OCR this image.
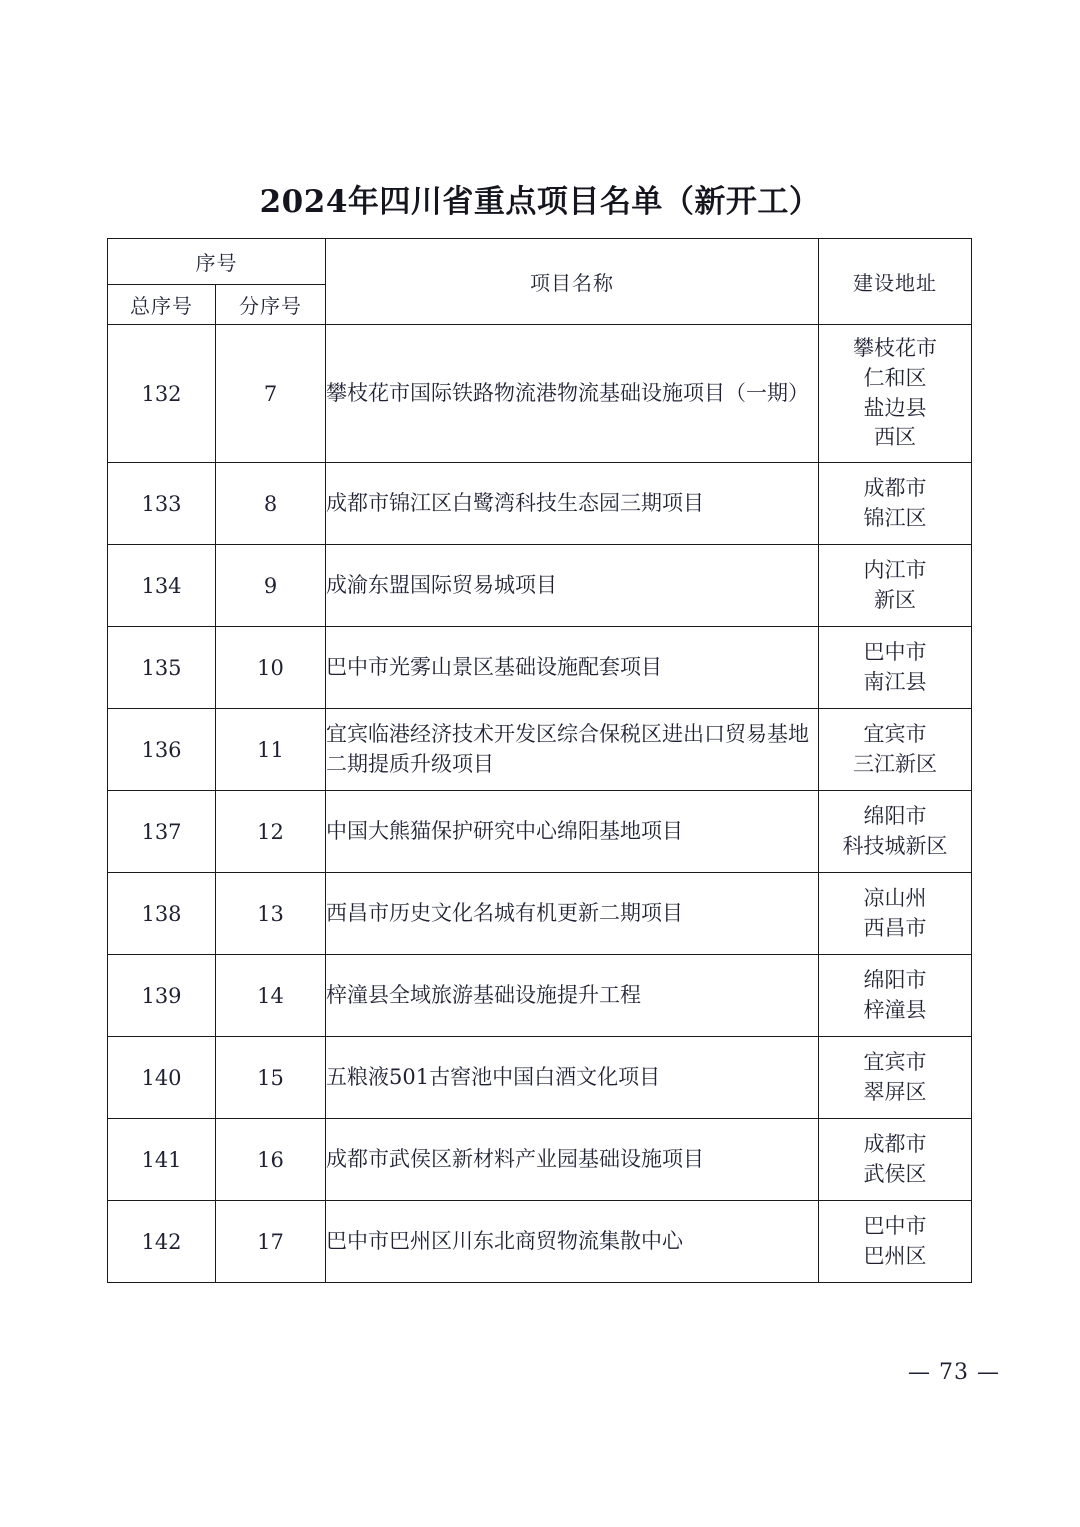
2024年四川省重点项目名单（新开工）
序号		项目名称	建设地址
总序号	分序号		
132	7	攀枝花市国际铁路物流港物流基础设施项目（一期）	攀枝花市
仁和区
盐边县
西区

133	8	成都市锦江区白鹭湾科技生态园三期项目	成都市
锦江区

134	9	成渝东盟国际贸易城项目	内江市
新区

135	10	巴中市光雾山景区基础设施配套项目	巴中市
南江县

136	11	宜宾临港经济技术开发区综合保税区进出口贸易基地二期提质升级项目	宜宾市
三江新区

137	12	中国大熊猫保护研究中心绵阳基地项目	绵阳市
科技城新区

138	13	西昌市历史文化名城有机更新二期项目	凉山州
西昌市

139	14	梓潼县全域旅游基础设施提升工程	绵阳市
梓潼县

140	15	五粮液501古窖池中国白酒文化项目	宜宾市
翠屏区

141	16	成都市武侯区新材料产业园基础设施项目	成都市
武侯区

142	17	巴中市巴州区川东北商贸物流集散中心	巴中市
巴州区
— 73 —
